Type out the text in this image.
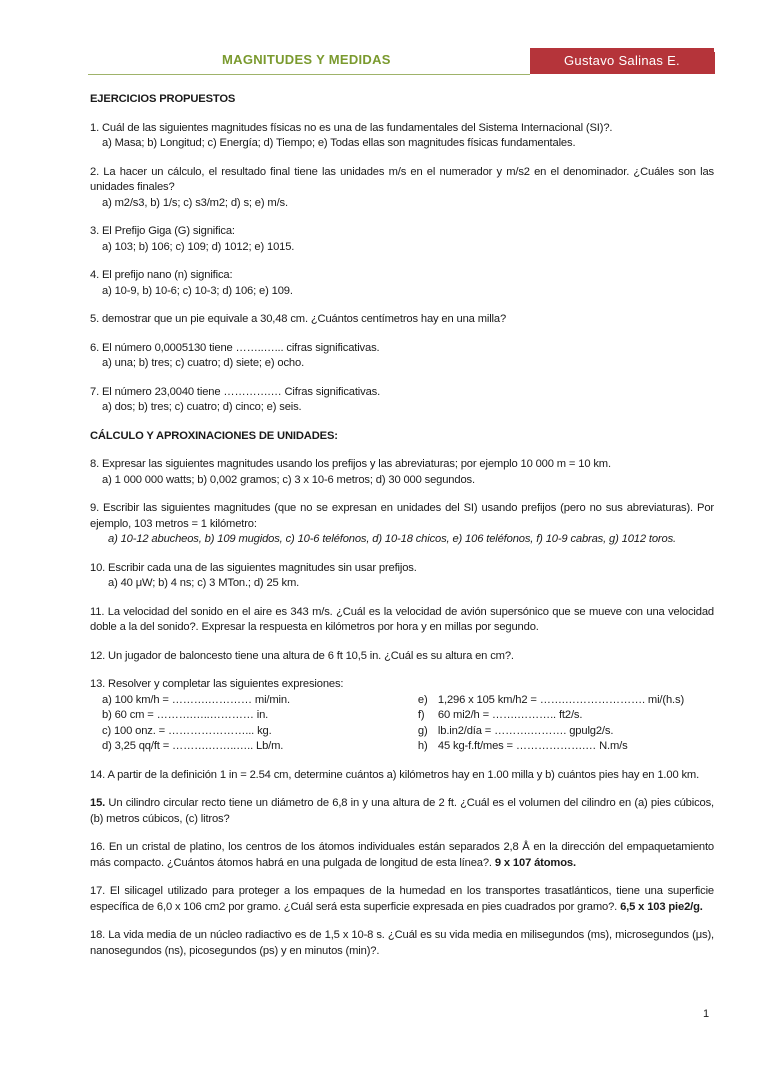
MAGNITUDES Y MEDIDAS	Gustavo Salinas E.

EJERCICIOS PROPUESTOS

1. Cuál de las siguientes magnitudes físicas no es una de las fundamentales del Sistema Internacional (SI)?.

a) Masa; b) Longitud; c) Energía; d) Tiempo; e) Todas ellas son magnitudes físicas fundamentales.

2. La hacer un cálculo, el resultado final tiene las unidades m/s en el numerador y m/s2 en el denominador. ¿Cuáles son las unidades finales?

a) m2/s3, b) 1/s; c) s3/m2; d) s; e) m/s.

3. El Prefijo Giga (G) significa:

a) 103; b) 106; c) 109; d) 1012; e) 1015.

4. El prefijo nano (n) significa:

a) 10-9, b) 10-6; c) 10-3; d) 106; e) 109.

5. demostrar que un pie equivale a 30,48 cm. ¿Cuántos centímetros hay en una milla?

6. El número 0,0005130 tiene ……..…... cifras significativas.

a) una; b) tres; c) cuatro; d) siete; e) ocho.

7. El número 23,0040 tiene ………….… Cifras significativas.

a) dos; b) tres; c) cuatro; d) cinco; e) seis.

CÁLCULO Y APROXINACIONES DE UNIDADES:

8. Expresar las siguientes magnitudes usando los prefijos y las abreviaturas; por ejemplo 10 000 m = 10 km.

a) 1 000 000 watts; b) 0,002 gramos; c) 3 x 10-6 metros; d) 30 000 segundos.

9. Escribir las siguientes magnitudes (que no se expresan en unidades del SI) usando prefijos (pero no sus abreviaturas). Por ejemplo, 103 metros = 1 kilómetro:

a) 10-12 abucheos, b) 109 mugidos, c) 10-6 teléfonos, d) 10-18 chicos, e) 106 teléfonos, f) 10-9 cabras, g) 1012 toros.

10. Escribir cada una de las siguientes magnitudes sin usar prefijos.

a) 40 μW; b) 4 ns; c) 3 MTon.; d) 25 km.

11. La velocidad del sonido en el aire es 343 m/s. ¿Cuál es la velocidad de avión supersónico que se mueve con una velocidad doble a la del sonido?. Expresar la respuesta en kilómetros por hora y en millas por segundo.

12. Un jugador de baloncesto tiene una altura de 6 ft 10,5 in. ¿Cuál es su altura en cm?.

13. Resolver y completar las siguientes expresiones:

a) 100 km/h = ……….………… mi/min.
b) 60 cm = ……….…..………… in.
c) 100 onz. = …………………... kg.
d) 3,25 qq/ft = ……….……..….. Lb/m.
e) 1,296 x 105 km/h2 = …….…………………. mi/(h.s)
f)	60 mi2/h = …….……….. ft2/s.
g) lb.in2/día = ……….………. gpulg2/s.
h) 45 kg-f.ft/mes = ……………….… N.m/s

14. A partir de la definición 1 in = 2.54 cm, determine cuántos a) kilómetros hay en 1.00 milla y b) cuántos pies hay en 1.00 km.

15. Un cilindro circular recto tiene un diámetro de 6,8 in y una altura de 2 ft. ¿Cuál es el volumen del cilindro en (a) pies cúbicos, (b) metros cúbicos, (c) litros?

16. En un cristal de platino, los centros de los átomos individuales están separados 2,8 Å en la dirección del empaquetamiento más compacto. ¿Cuántos átomos habrá en una pulgada de longitud de esta línea?. 9 x 107 átomos.

17. El silicagel utilizado para proteger a los empaques de la humedad en los transportes trasatlánticos, tiene una superficie específica de 6,0 x 106 cm2 por gramo. ¿Cuál será esta superficie expresada en pies cuadrados por gramo?. 6,5 x 103 pie2/g.

18. La vida media de un núcleo radiactivo es de 1,5 x 10-8 s. ¿Cuál es su vida media en milisegundos (ms), microsegundos (μs), nanosegundos (ns), picosegundos (ps) y en minutos (min)?.

1
